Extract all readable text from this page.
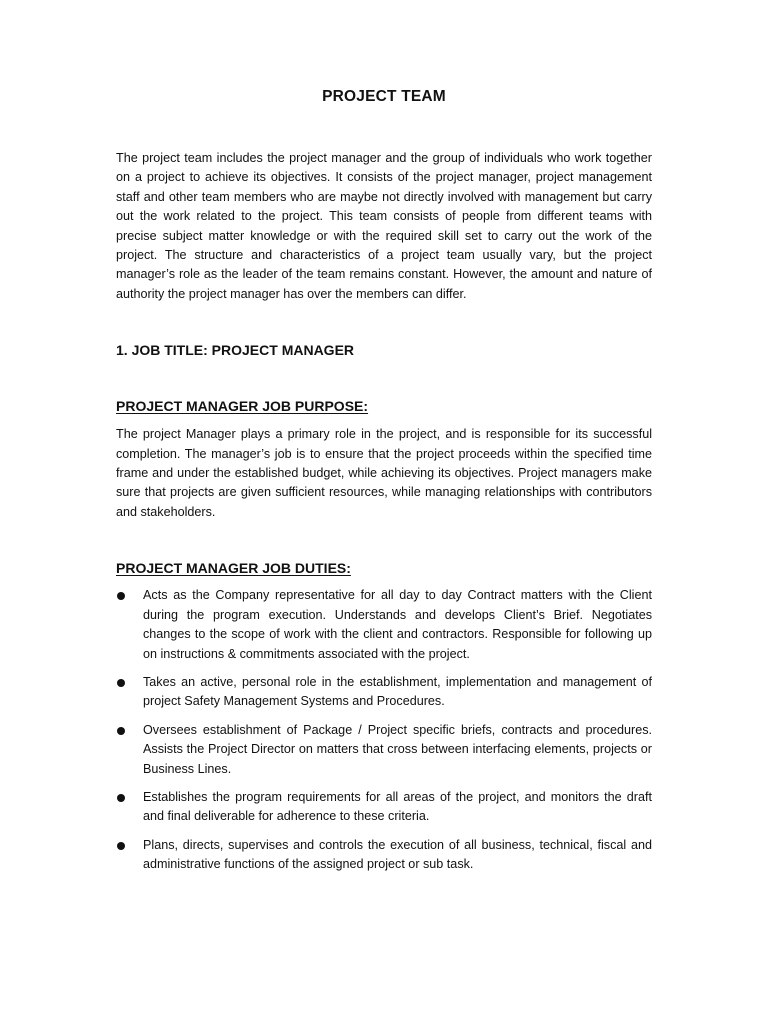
PROJECT TEAM

The project team includes the project manager and the group of individuals who work together on a project to achieve its objectives. It consists of the project manager, project management staff and other team members who are maybe not directly involved with management but carry out the work related to the project. This team consists of people from different teams with precise subject matter knowledge or with the required skill set to carry out the work of the project. The structure and characteristics of a project team usually vary, but the project manager’s role as the leader of the team remains constant. However, the amount and nature of authority the project manager has over the members can differ.

1. JOB TITLE: PROJECT MANAGER
PROJECT MANAGER JOB PURPOSE:

The project Manager plays a primary role in the project, and is responsible for its successful completion. The manager’s job is to ensure that the project proceeds within the specified time frame and under the established budget, while achieving its objectives. Project managers make sure that projects are given sufficient resources, while managing relationships with contributors and stakeholders.

PROJECT MANAGER JOB DUTIES:

Acts as the Company representative for all day to day Contract matters with the Client during the program execution. Understands and develops Client’s Brief. Negotiates changes to the scope of work with the client and contractors. Responsible for following up on instructions & commitments associated with the project.

Takes an active, personal role in the establishment, implementation and management of project Safety Management Systems and Procedures.

Oversees establishment of Package / Project specific briefs, contracts and procedures. Assists the Project Director on matters that cross between interfacing elements, projects or Business Lines.

Establishes the program requirements for all areas of the project, and monitors the draft and final deliverable for adherence to these criteria.

Plans, directs, supervises and controls the execution of all business, technical, fiscal and administrative functions of the assigned project or sub task.
